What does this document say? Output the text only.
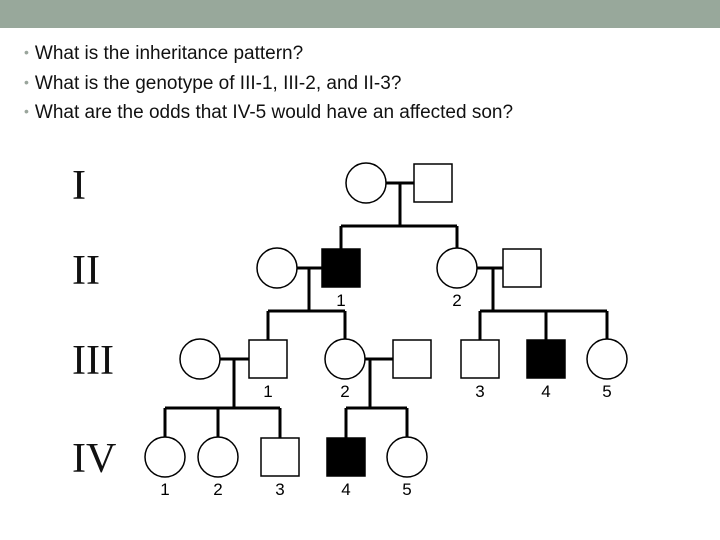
• What is the inheritance pattern?
• What is the genotype of III-1, III-2, and II-3?
• What are the odds that IV-5 would have an affected son?
I
II
III
IV
1	2
1	2	3	4	5
1	2	3	4	5
